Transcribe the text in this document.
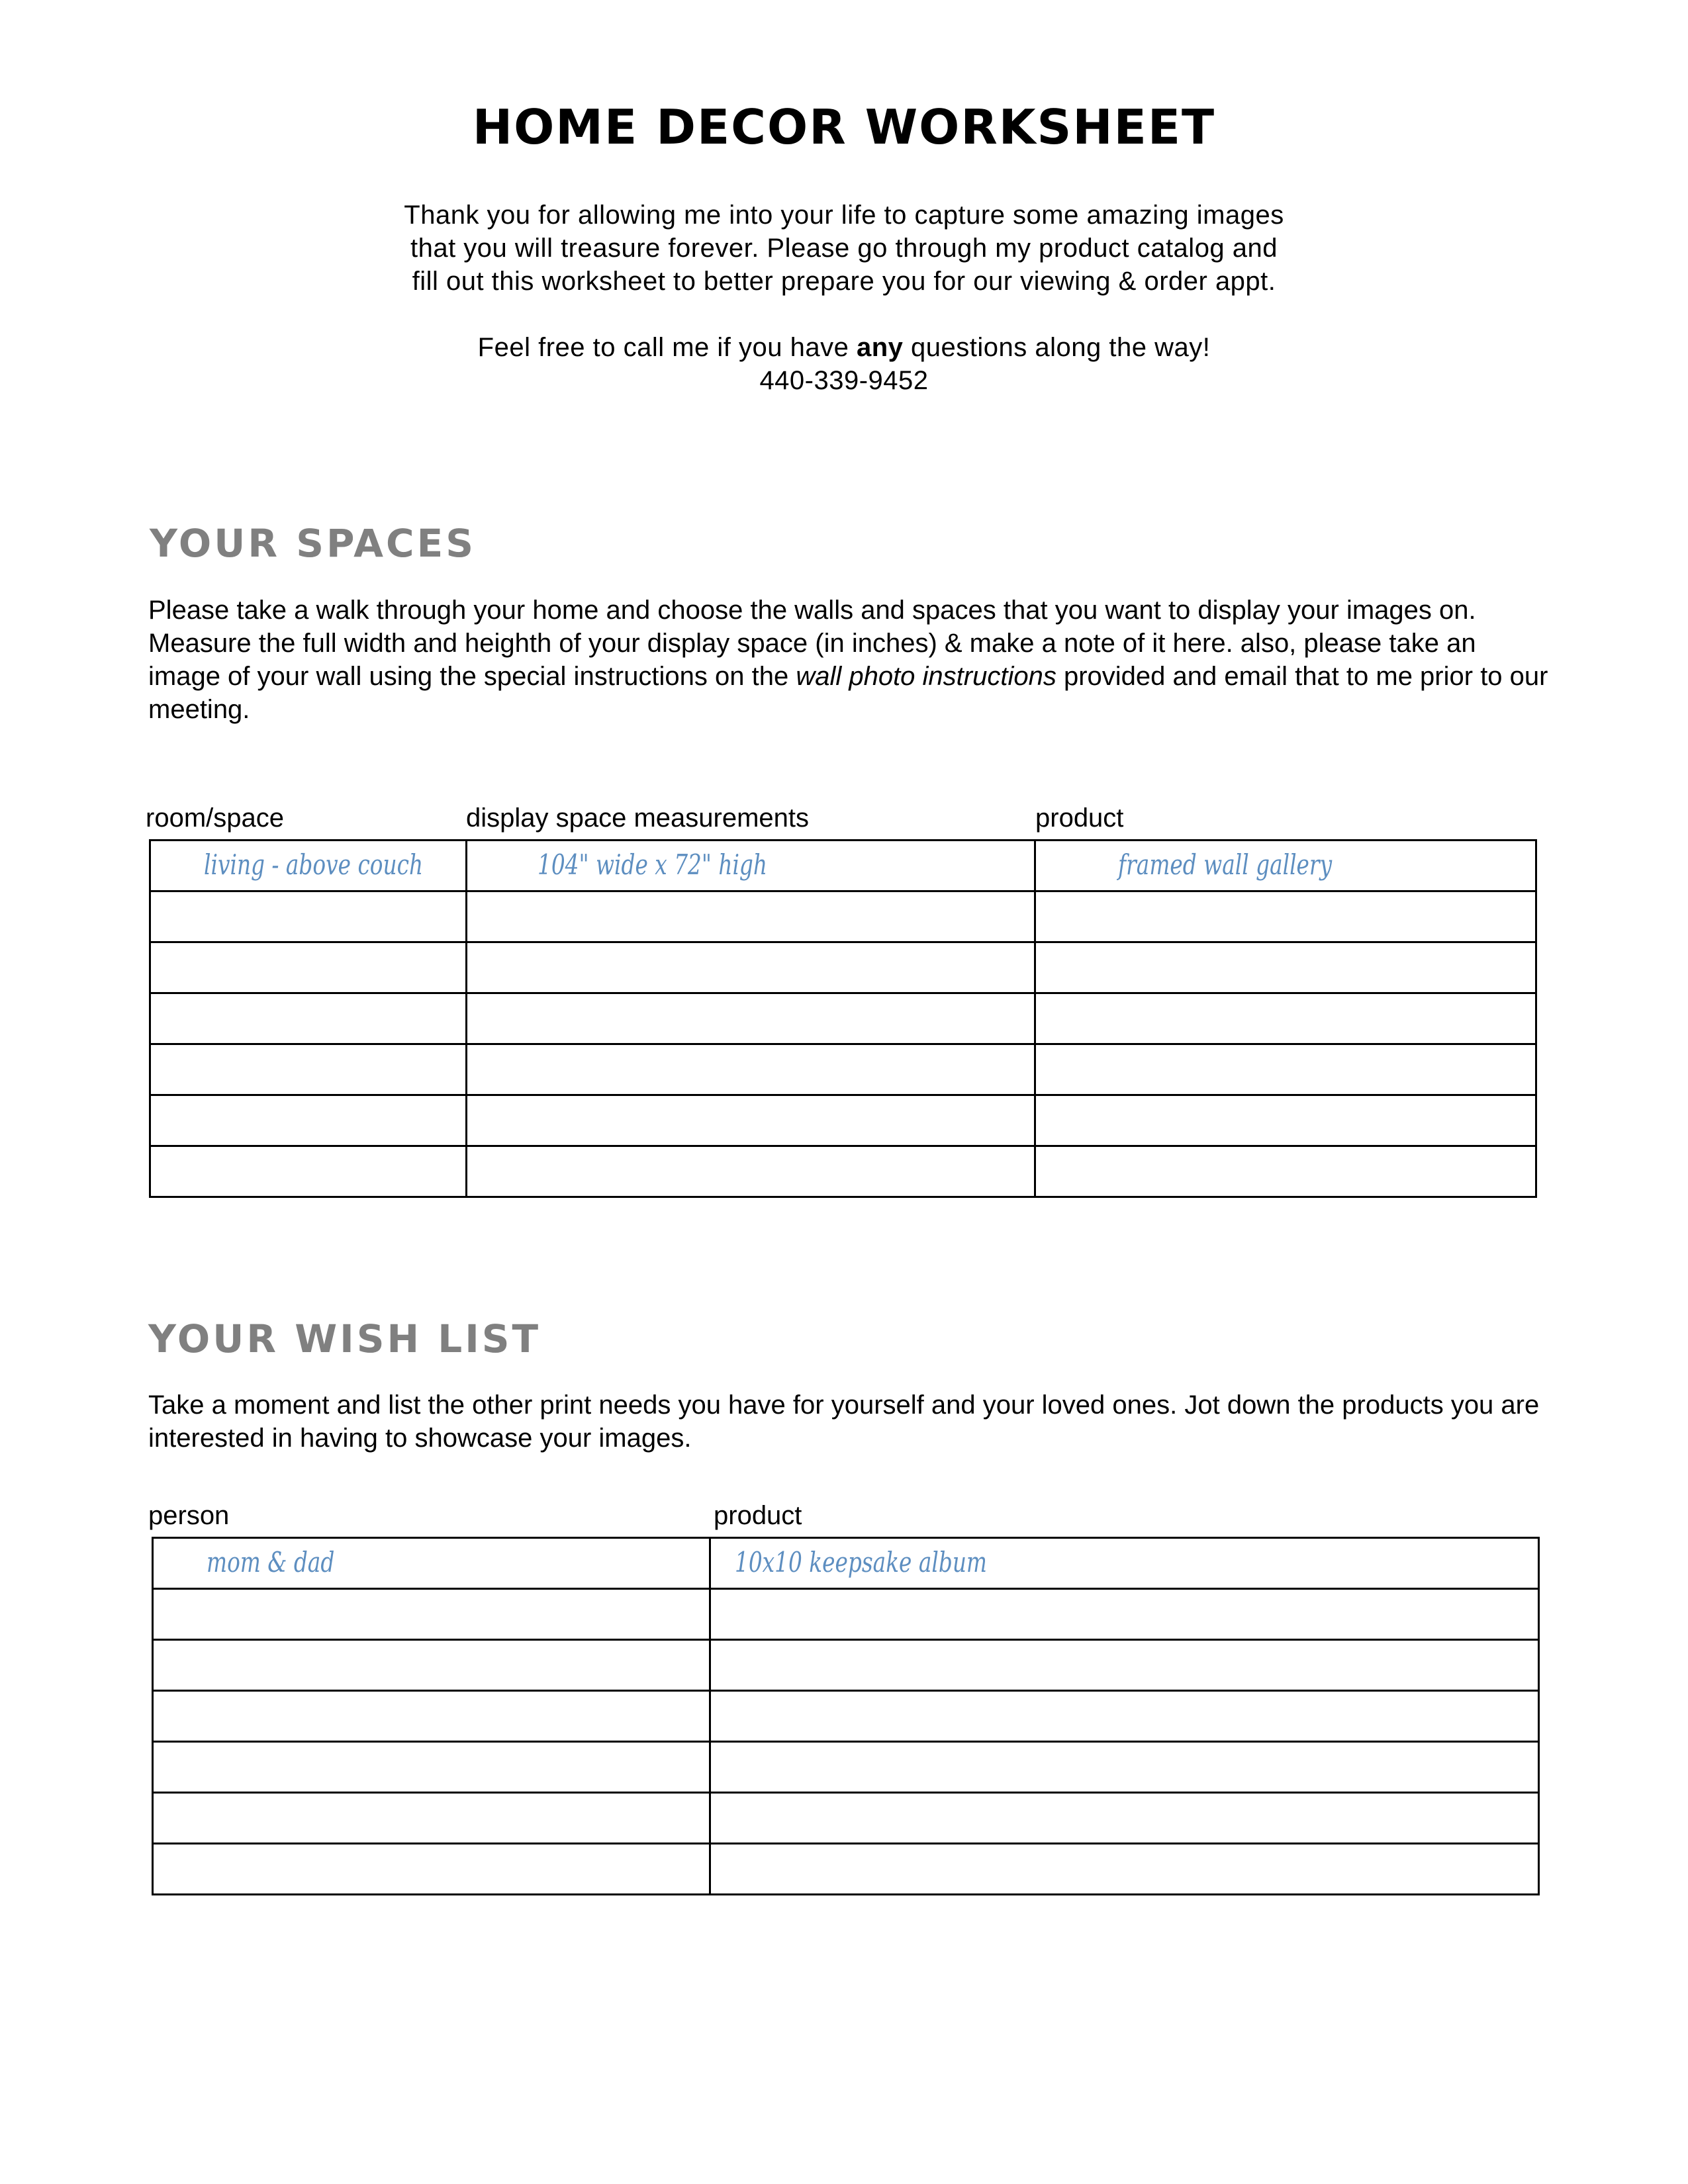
HOME DECOR WORKSHEET

Thank you for allowing me into your life to capture some amazing images

that you will treasure forever. Please go through my product catalog and

fill out this worksheet to better prepare you for our viewing & order appt.

Feel free to call me if you have any questions along the way!

440-339-9452

YOUR SPACES

Please take a walk through your home and choose the walls and spaces that you want to display your images on. Measure the full width and heighth of your display space (in inches) & make a note of it here. also, please take an image of your wall using the special instructions on the wall photo instructions provided and email that to me prior to our meeting.

room/space	display space measurements	product
living - above couch	104" wide x 72" high	framed wall gallery

YOUR WISH LIST

Take a moment and list the other print needs you have for yourself and your loved ones. Jot down the products you are interested in having to showcase your images.

person	product
mom & dad	10x10 keepsake album
